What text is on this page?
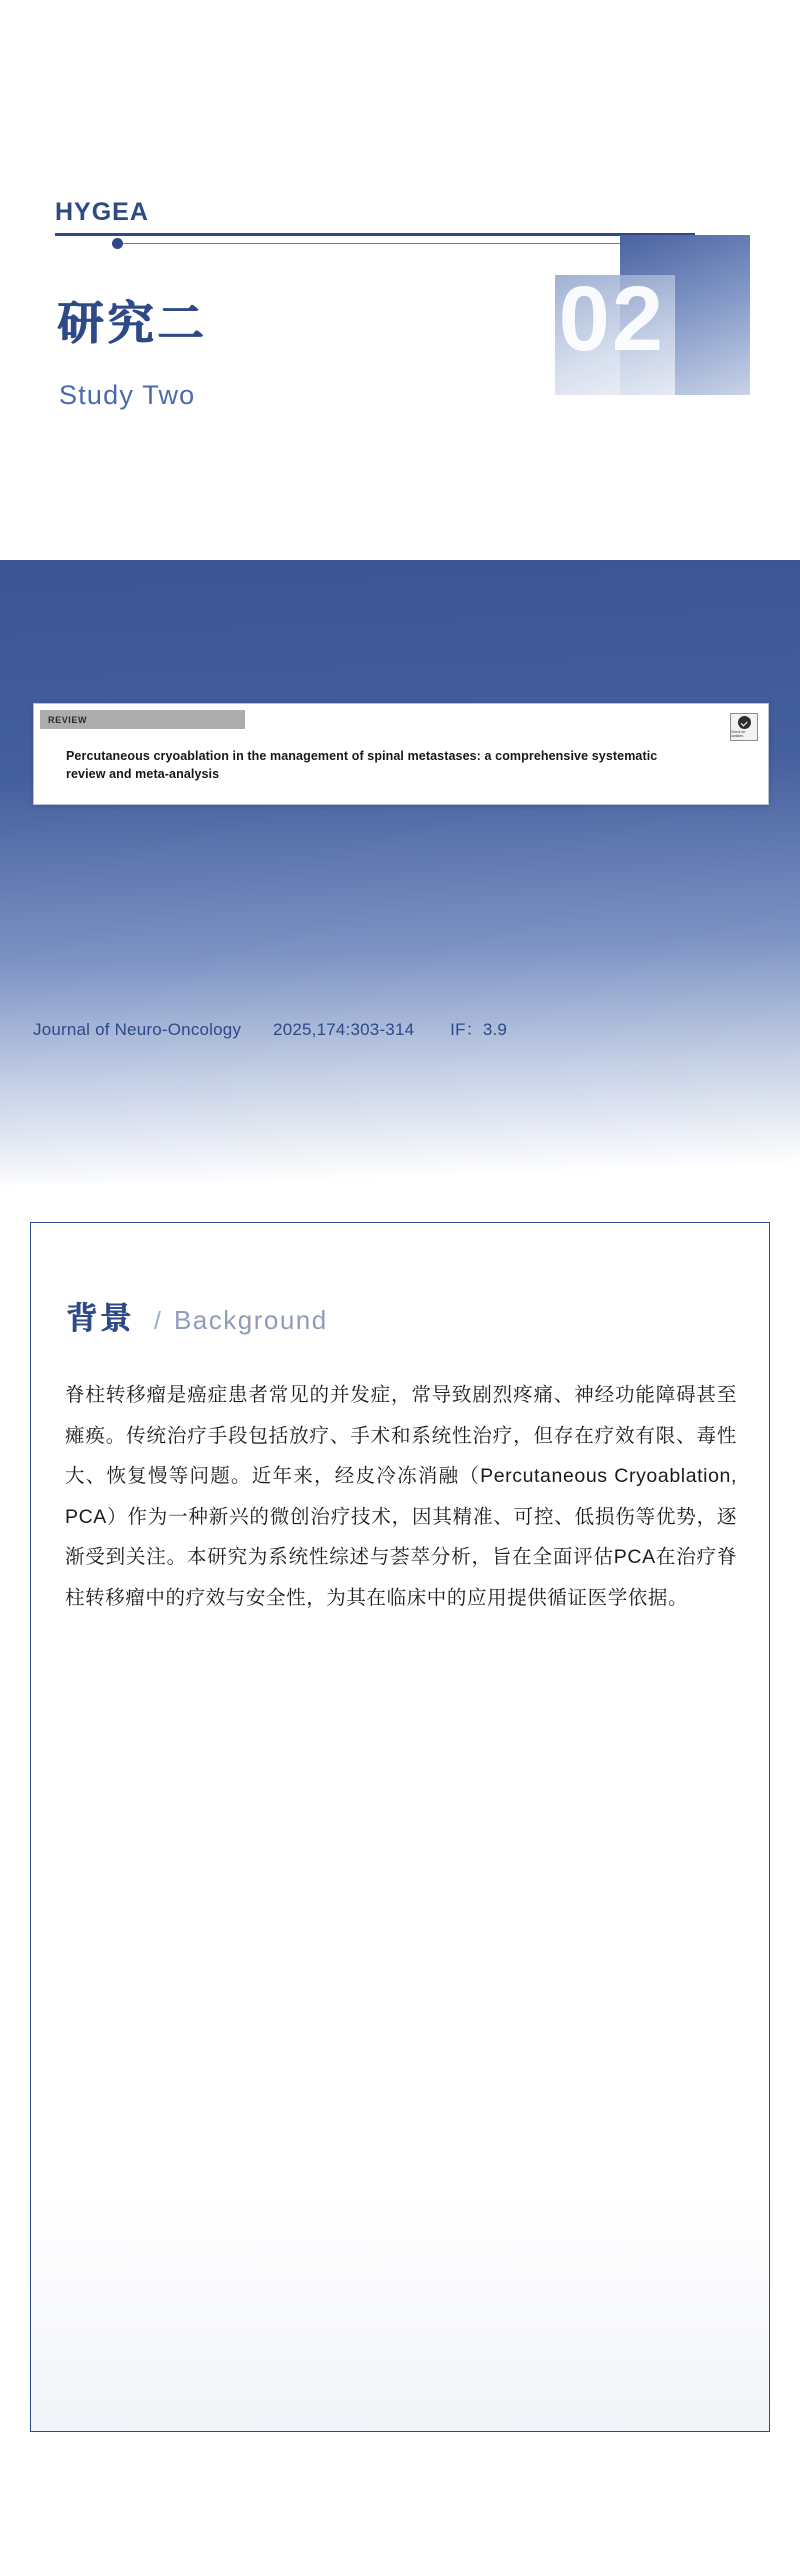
HYGEA
02
研究二
Study Two
REVIEW
Check for updates
Percutaneous cryoablation in the management of spinal metastases: a comprehensive systematic review and meta-analysis
Journal of Neuro-Oncology 2025,174:303-314 IF：3.9
背景 / Background
脊柱转移瘤是癌症患者常见的并发症，常导致剧烈疼痛、神经功能障碍甚至瘫痪。传统治疗手段包括放疗、手术和系统性治疗，但存在疗效有限、毒性大、恢复慢等问题。近年来，经皮冷冻消融（Percutaneous Cryoablation, PCA）作为一种新兴的微创治疗技术，因其精准、可控、低损伤等优势，逐渐受到关注。本研究为系统性综述与荟萃分析，旨在全面评估PCA在治疗脊柱转移瘤中的疗效与安全性，为其在临床中的应用提供循证医学依据。
